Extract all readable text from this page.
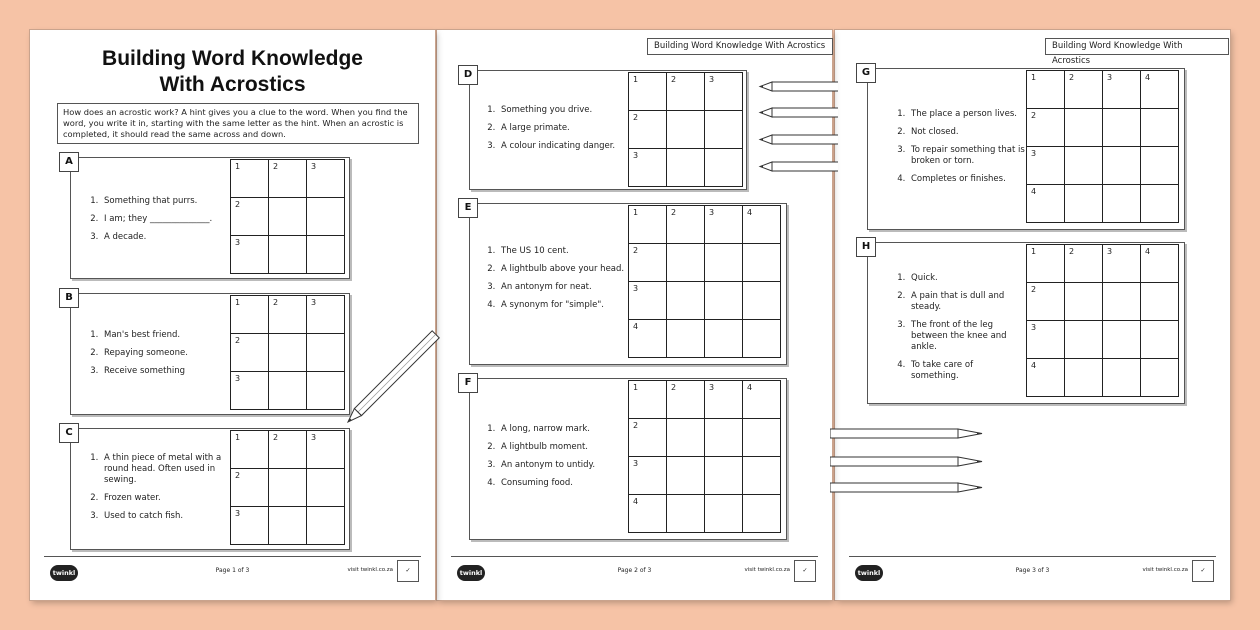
Building Word Knowledge
With Acrostics
How does an acrostic work? A hint gives you a clue to the word. When you find the word, you write it in, starting with the same letter as the hint. When an acrostic is completed, it should read the same across and down.
A
1. Something that purrs.
2. I am; they ______________.
3. A decade.
1	2	3

2		

3		

B
1. Man's best friend.
2. Repaying someone.
3. Receive something
1	2	3

2		

3		

C
1. A thin piece of metal with a round head. Often used in sewing.
2. Frozen water.
3. Used to catch fish.
1	2	3

2		

3		

twinkl	Page 1 of 3	visit twinkl.co.za	✓
Building Word Knowledge With Acrostics
D
1. Something you drive.
2. A large primate.
3. A colour indicating danger.
1	2	3

2		

3		

E
1. The US 10 cent.
2. A lightbulb above your head.
3. An antonym for neat.
4. A synonym for "simple".
1	2	3	4

2			

3			

4			

F
1. A long, narrow mark.
2. A lightbulb moment.
3. An antonym to untidy.
4. Consuming food.
1	2	3	4

2			

3			

4			

twinkl	Page 2 of 3	visit twinkl.co.za	✓
Building Word Knowledge With Acrostics
G
1. The place a person lives.
2. Not closed.
3. To repair something that is broken or torn.
4. Completes or finishes.
1	2	3	4

2			

3			

4			

H
1. Quick.
2. A pain that is dull and steady.
3. The front of the leg between the knee and ankle.
4. To take care of something.
1	2	3	4

2			

3			

4			

twinkl	Page 3 of 3	visit twinkl.co.za	✓
